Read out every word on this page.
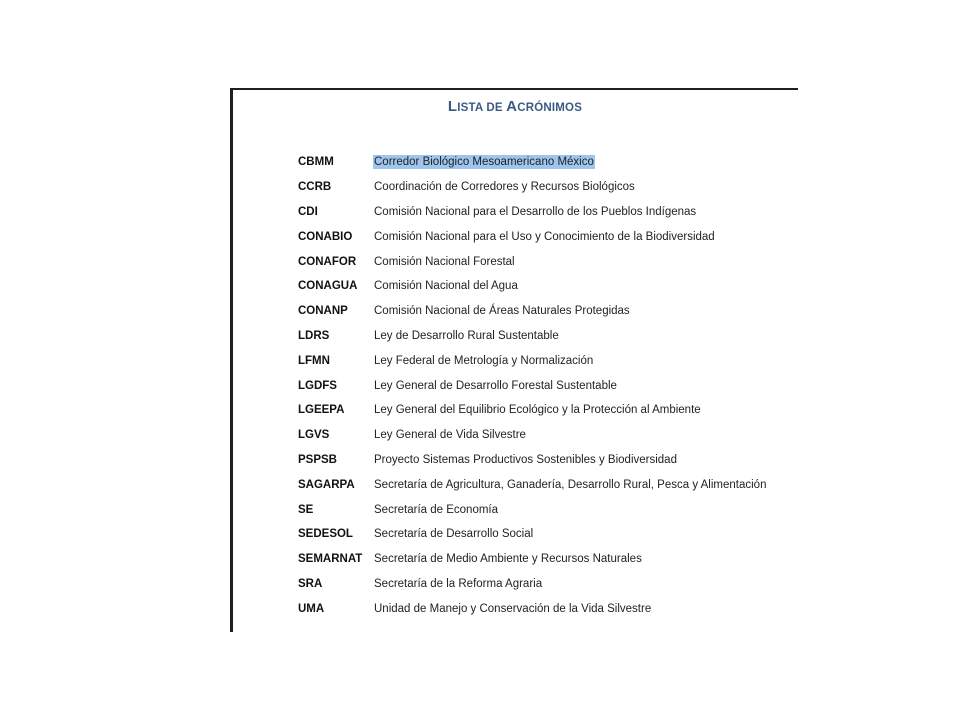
LISTA DE ACRÓNIMOS
CBMM	Corredor Biológico Mesoamericano México
CCRB	Coordinación de Corredores y Recursos Biológicos
CDI	Comisión Nacional para el Desarrollo de los Pueblos Indígenas
CONABIO	Comisión Nacional para el Uso y Conocimiento de la Biodiversidad
CONAFOR	Comisión Nacional Forestal
CONAGUA	Comisión Nacional del Agua
CONANP	Comisión Nacional de Áreas Naturales Protegidas
LDRS	Ley de Desarrollo Rural Sustentable
LFMN	Ley Federal de Metrología y Normalización
LGDFS	Ley General de Desarrollo Forestal Sustentable
LGEEPA	Ley General del Equilibrio Ecológico y la Protección al Ambiente
LGVS	Ley General de Vida Silvestre
PSPSB	Proyecto Sistemas Productivos Sostenibles y Biodiversidad
SAGARPA	Secretaría de Agricultura, Ganadería, Desarrollo Rural, Pesca y Alimentación
SE	Secretaría de Economía
SEDESOL	Secretaría de Desarrollo Social
SEMARNAT	Secretaría de Medio Ambiente y Recursos Naturales
SRA	Secretaría de la Reforma Agraria
UMA	Unidad de Manejo y Conservación de la Vida Silvestre
